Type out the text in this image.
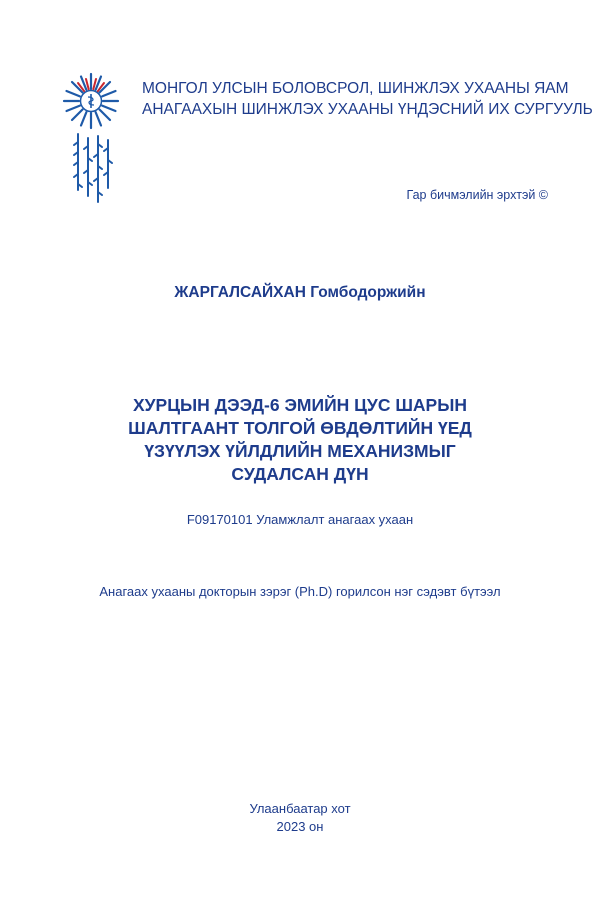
МОНГОЛ УЛСЫН БОЛОВСРОЛ, ШИНЖЛЭХ УХААНЫ ЯАМ
АНАГААХЫН ШИНЖЛЭХ УХААНЫ ҮНДЭСНИЙ ИХ СУРГУУЛЬ
Гар бичмэлийн эрхтэй ©
ЖАРГАЛСАЙХАН Гомбодоржийн
ХУРЦЫН ДЭЭД-6 ЭМИЙН ЦУС ШАРЫН
ШАЛТГААНТ ТОЛГОЙ ӨВДӨЛТИЙН ҮЕД
ҮЗҮҮЛЭХ ҮЙЛДЛИЙН МЕХАНИЗМЫГ
СУДАЛСАН ДҮН
F09170101 Уламжлалт анагаах ухаан
Анагаах ухааны докторын зэрэг (Ph.D) горилсон нэг сэдэвт бүтээл
Улаанбаатар хот
2023 он
